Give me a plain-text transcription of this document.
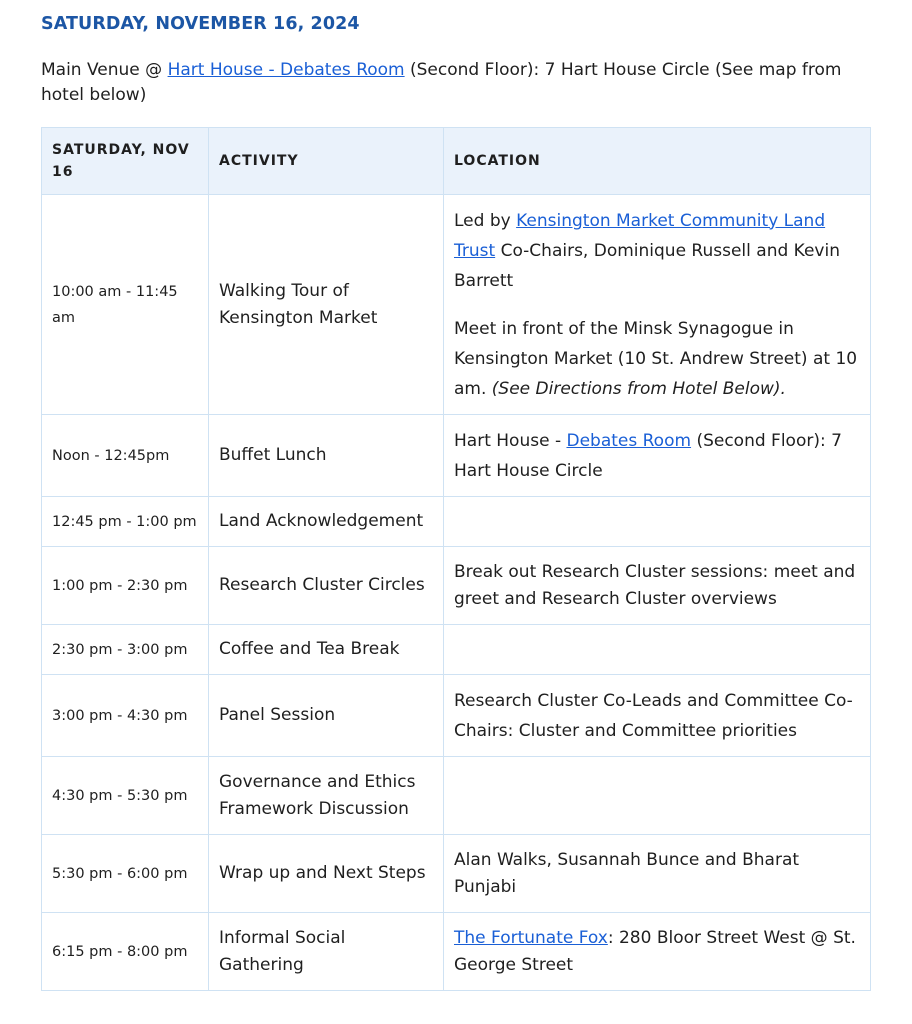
SATURDAY, NOVEMBER 16, 2024
Main Venue @ Hart House - Debates Room (Second Floor): 7 Hart House Circle (See map from hotel below)
SATURDAY, NOV 16	ACTIVITY	LOCATION
10:00 am - 11:45 am	Walking Tour of Kensington Market	Led by Kensington Market Community Land Trust Co-Chairs, Dominique Russell and Kevin Barrett

Meet in front of the Minsk Synagogue in Kensington Market (10 St. Andrew Street) at 10 am. (See Directions from Hotel Below).

Noon - 12:45pm	Buffet Lunch	Hart House - Debates Room (Second Floor): 7 Hart House Circle
12:45 pm - 1:00 pm	Land Acknowledgement	
1:00 pm - 2:30 pm	Research Cluster Circles	Break out Research Cluster sessions: meet and greet and Research Cluster overviews
2:30 pm - 3:00 pm	Coffee and Tea Break	
3:00 pm - 4:30 pm	Panel Session	Research Cluster Co-Leads and Committee Co-Chairs: Cluster and Committee priorities
4:30 pm - 5:30 pm	Governance and Ethics Framework Discussion	
5:30 pm - 6:00 pm	Wrap up and Next Steps	Alan Walks, Susannah Bunce and Bharat Punjabi
6:15 pm - 8:00 pm	Informal Social Gathering	The Fortunate Fox: 280 Bloor Street West @ St. George Street
